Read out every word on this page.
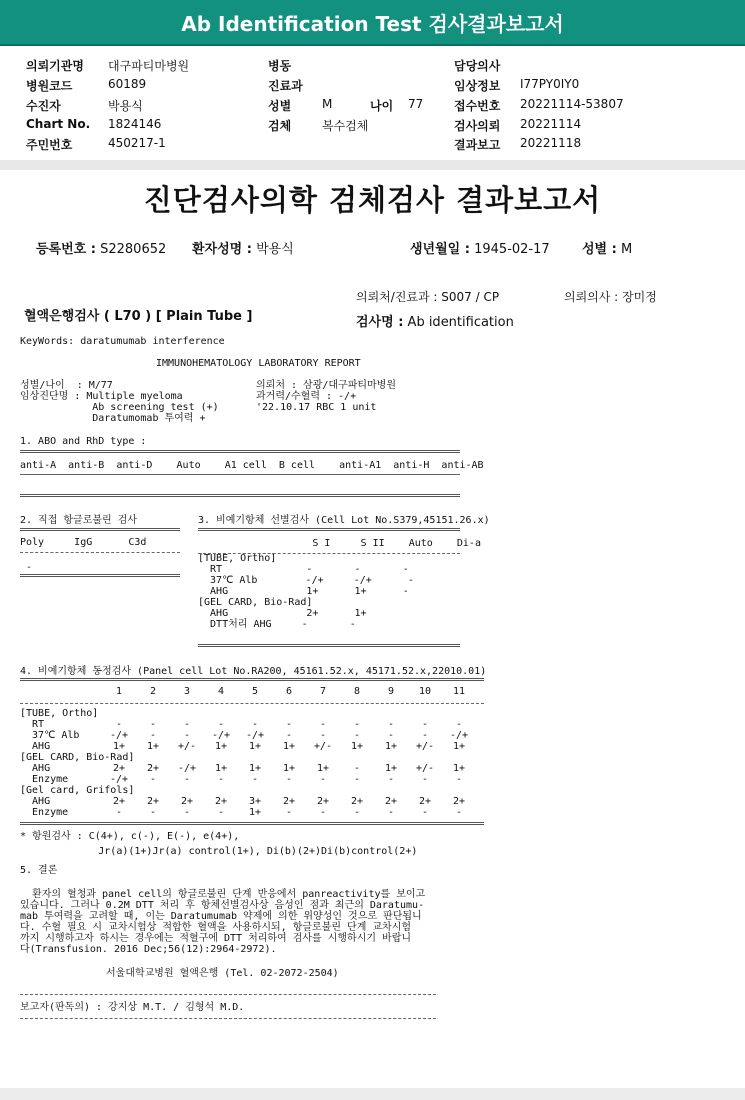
Ab Identification Test 검사결과보고서
의뢰기관명 대구파티마병원
병원코드	60189
수진자	박용식
Chart No. 1824146
주민번호	450217-1
병동
진료과
성별	M	나이 77
검체	복수검체
담당의사
임상정보 I77PY0IY0
접수번호 20221114-53807
검사의뢰 20221114
결과보고 20221118
진단검사의학 검체검사 결과보고서
등록번호 : S2280652 환자성명 : 박용식	생년월일 : 1945-02-17 성별 : M
의뢰처/진료과 : S007 / CP	의뢰의사 : 장미정
혈액은행검사 ( L70 ) [ Plain Tube ]	검사명 : Ab identification
KeyWords: daratumumab interference
IMMUNOHEMATOLOGY LABORATORY REPORT
성별/나이  : M/77
임상진단명 : Multiple myeloma
Ab screening test (+)
Daratumomab 투여력 +
의뢰처 : 삼광/대구파티마병원
과거력/수혈력 : -/+
'22.10.17 RBC 1 unit
1. ABO and RhD type :
anti-A  anti-B  anti-D    Auto    A1 cell  B cell    anti-A1  anti-H  anti-AB
2. 직접 항글로불린 검사
Poly     IgG      C3d
-
3. 비예기항체 선별검사 (Cell Lot No.S379,45151.26.x)
S I     S II    Auto    Di-a
[TUBE, Ortho]
RT              -       -       -
37℃ Alb        -/+     -/+      -
AHG             1+      1+      -
[GEL CARD, Bio-Rad]
AHG             2+      1+
DTT처리 AHG     -       -
4. 비예기항체 동정검사 (Panel cell Lot No.RA200, 45161.52.x, 45171.52.x,22010.01)
1	2	3	4	5	6	7	8	9	10	11
[TUBE, Ortho]
RT	-	-	-	-	-	-	-	-	-	-	-
37℃ Alb	-/+	-	-	-/+	-/+	-	-	-	-	-	-/+
AHG	1+	1+	+/-	1+	1+	1+	+/-	1+	1+	+/-	1+
[GEL CARD, Bio-Rad]
AHG	2+	2+	-/+	1+	1+	1+	1+	-	1+	+/-	1+
Enzyme	-/+	-	-	-	-	-	-	-	-	-	-
[Gel card, Grifols]
AHG	2+	2+	2+	2+	3+	2+	2+	2+	2+	2+	2+
Enzyme	-	-	-	-	1+	-	-	-	-	-	-
* 항원검사 : C(4+), c(-), E(-), e(4+),
Jr(a)(1+)Jr(a) control(1+), Di(b)(2+)Di(b)control(2+)
5. 결론
환자의 혈청과 panel cell의 항글로불린 단계 반응에서 panreactivity를 보이고
있습니다. 그러나 0.2M DTT 처리 후 항체선별검사상 음성인 점과 최근의 Daratumu-
mab 투여력을 고려할 때, 이는 Daratumumab 약제에 의한 위양성인 것으로 판단됩니
다. 수혈 필요 시 교차시험상 적합한 혈액을 사용하시되, 항글로불린 단계 교차시험
까지 시행하고자 하시는 경우에는 적혈구에 DTT 처리하여 검사를 시행하시기 바랍니
다(Transfusion. 2016 Dec;56(12):2964-2972).
서울대학교병원 혈액은행 (Tel. 02-2072-2504)
보고자(판독의) : 강지상 M.T. / 김형석 M.D.
